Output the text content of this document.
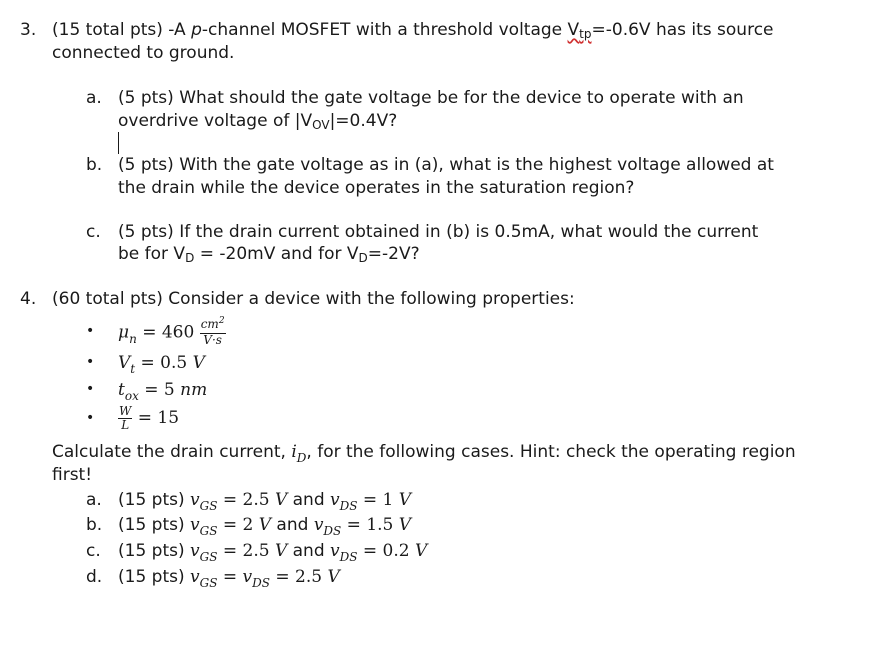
3. (15 total pts) -A p-channel MOSFET with a threshold voltage Vtp=-0.6V has its source
connected to ground.
a. (5 pts) What should the gate voltage be for the device to operate with an
overdrive voltage of |VOV|=0.4V?
b. (5 pts) With the gate voltage as in (a), what is the highest voltage allowed at
the drain while the device operates in the saturation region?
c. (5 pts) If the drain current obtained in (b) is 0.5mA, what would the current
be for VD = -20mV and for VD=-2V?
4. (60 total pts) Consider a device with the following properties:
• $\mu_n = 460 \frac{cm^2}{V\cdot s}$
• $V_t = 0.5$ V
• $t_{ox} = 5$ nm
• $\frac{W}{L} = 15$
Calculate the drain current, $i_D$, for the following cases. Hint: check the operating region
first!
a. (15 pts) $v_{GS} = 2.5$ V and $v_{DS} = 1$ V
b. (15 pts) $v_{GS} = 2$ V and $v_{DS} = 1.5$ V
c. (15 pts) $v_{GS} = 2.5$ V and $v_{DS} = 0.2$ V
d. (15 pts) $v_{GS} = v_{DS} = 2.5$ V
